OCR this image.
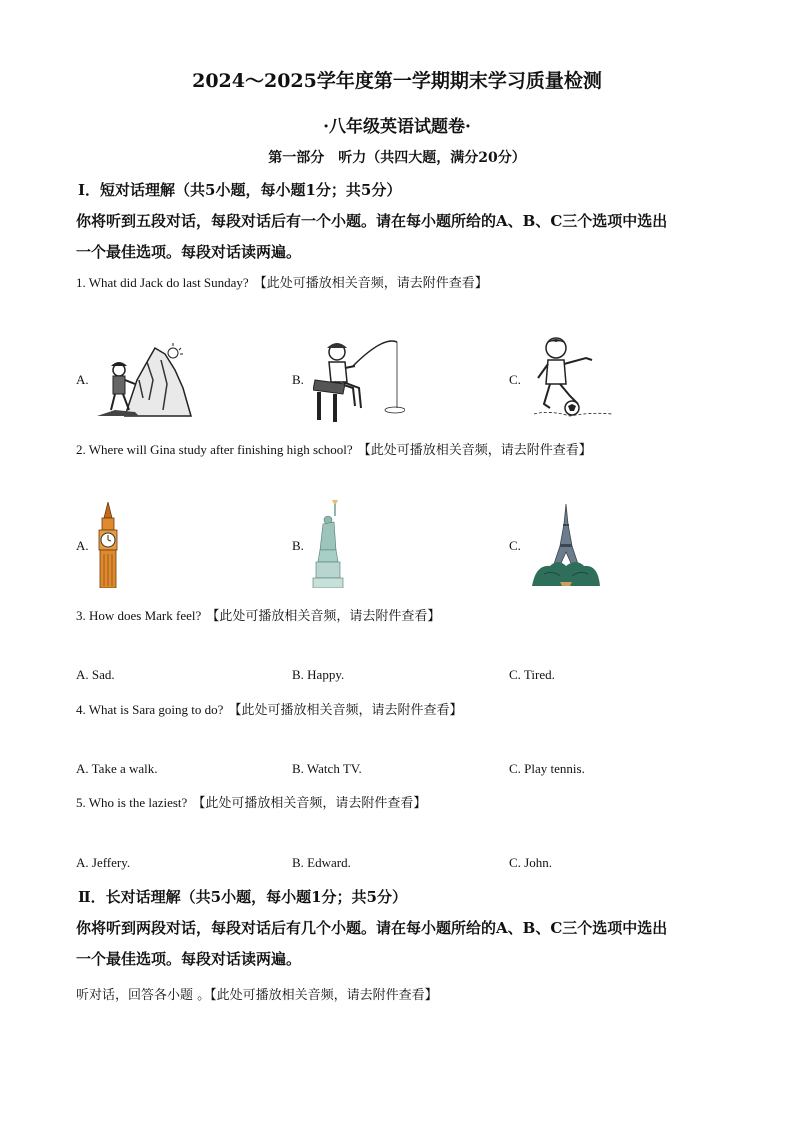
2024～2025学年度第一学期期末学习质量检测
·八年级英语试题卷·
第一部分　听力（共四大题，满分20分）
Ⅰ．短对话理解（共5小题，每小题1分；共5分）
你将听到五段对话，每段对话后有一个小题。请在每小题所给的A、B、C三个选项中选出
一个最佳选项。每段对话读两遍。
1. What did Jack do last Sunday? 【此处可播放相关音频，请去附件查看】
A.	B.	C.
2. Where will Gina study after finishing high school? 【此处可播放相关音频，请去附件查看】
A.	B.	C.
3. How does Mark feel? 【此处可播放相关音频，请去附件查看】
A. Sad.	B. Happy.	C. Tired.
4. What is Sara going to do? 【此处可播放相关音频，请去附件查看】
A. Take a walk.	B. Watch TV.	C. Play tennis.
5. Who is the laziest? 【此处可播放相关音频，请去附件查看】
A. Jeffery.	B. Edward.	C. John.
Ⅱ．长对话理解（共5小题，每小题1分；共5分）
你将听到两段对话，每段对话后有几个小题。请在每小题所给的A、B、C三个选项中选出
一个最佳选项。每段对话读两遍。
听对话，回答各小题 。【此处可播放相关音频，请去附件查看】
